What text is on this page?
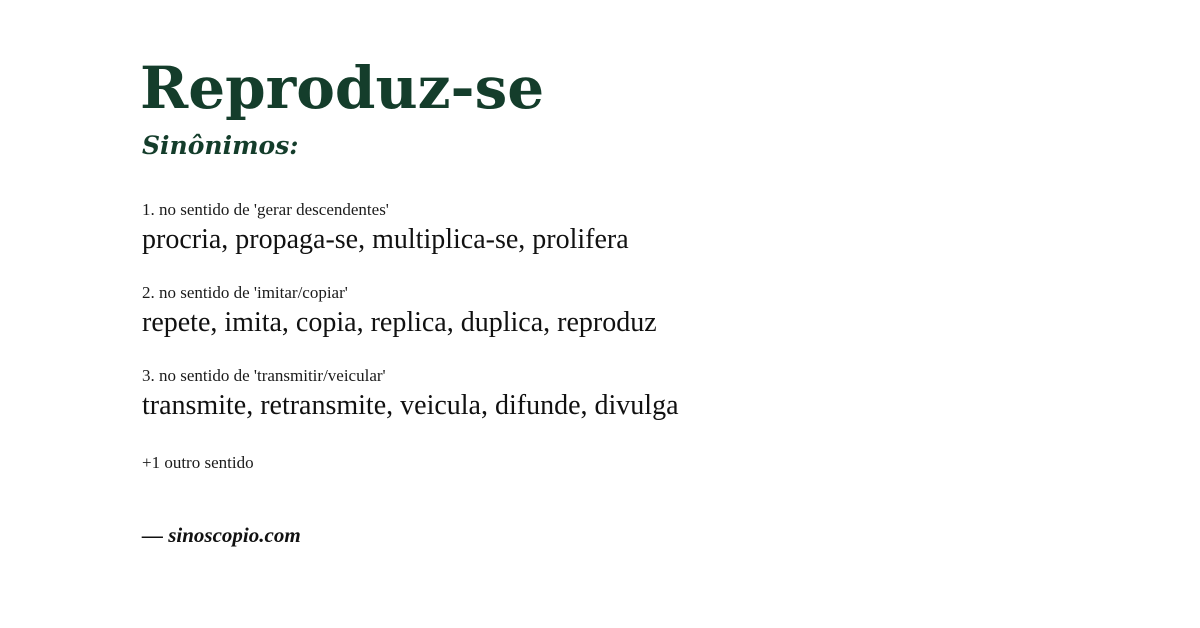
Reproduz-se
Sinônimos:

1. no sentido de 'gerar descendentes'

procria, propaga-se, multiplica-se, prolifera

2. no sentido de 'imitar/copiar'

repete, imita, copia, replica, duplica, reproduz

3. no sentido de 'transmitir/veicular'

transmite, retransmite, veicula, difunde, divulga

+1 outro sentido
— sinoscopio.com
